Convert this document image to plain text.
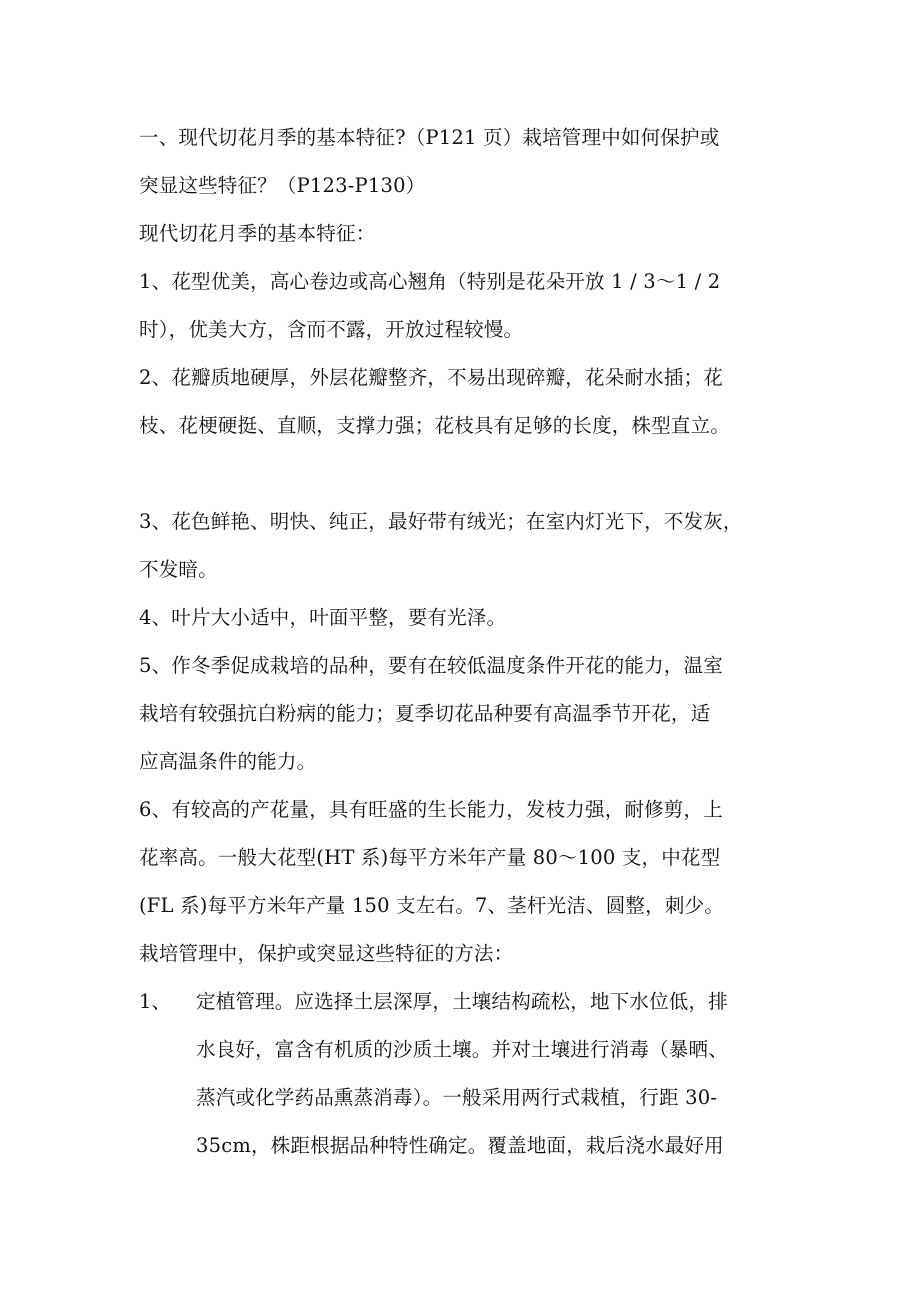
一、现代切花月季的基本特征?（P121 页）栽培管理中如何保护或
突显这些特征？（P123-P130）
现代切花月季的基本特征：
1、花型优美，高心卷边或高心翘角（特别是花朵开放 1 / 3～1 / 2
时），优美大方，含而不露，开放过程较慢。
2、花瓣质地硬厚，外层花瓣整齐，不易出现碎瓣，花朵耐水插；花
枝、花梗硬挺、直顺，支撑力强；花枝具有足够的长度，株型直立。
3、花色鲜艳、明快、纯正，最好带有绒光；在室内灯光下，不发灰，
不发暗。
4、叶片大小适中，叶面平整，要有光泽。
5、作冬季促成栽培的品种，要有在较低温度条件开花的能力，温室
栽培有较强抗白粉病的能力；夏季切花品种要有高温季节开花，适
应高温条件的能力。
6、有较高的产花量，具有旺盛的生长能力，发枝力强，耐修剪，上
花率高。一般大花型(HT 系)每平方米年产量 80～100 支，中花型
(FL 系)每平方米年产量 150 支左右。7、茎杆光洁、圆整，刺少。
栽培管理中，保护或突显这些特征的方法：
1、 定植管理。应选择土层深厚，土壤结构疏松，地下水位低，排
水良好，富含有机质的沙质土壤。并对土壤进行消毒（暴晒、
蒸汽或化学药品熏蒸消毒）。一般采用两行式栽植，行距 30-
35cm，株距根据品种特性确定。覆盖地面，栽后浇水最好用
